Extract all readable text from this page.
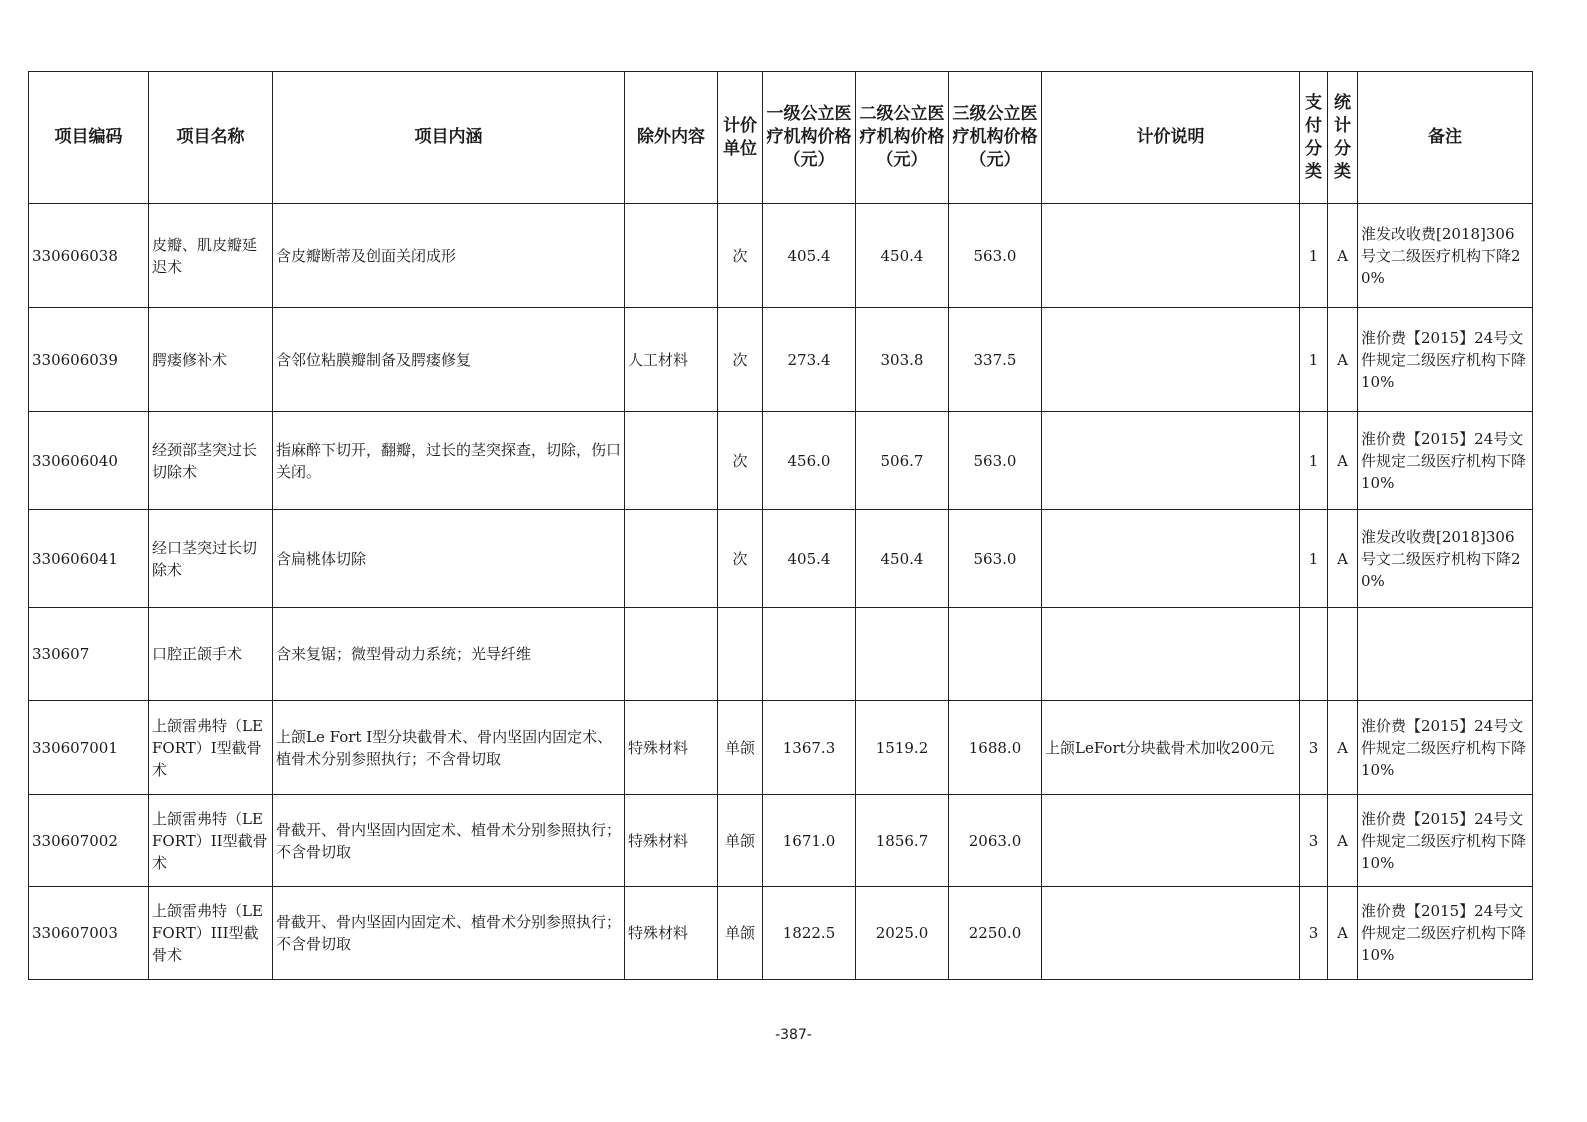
项目编码	项目名称	项目内涵	除外内容	计价单位	一级公立医疗机构价格（元）	二级公立医疗机构价格（元）	三级公立医疗机构价格（元）	计价说明	支付分类	统计分类	备注
330606038	皮瓣、肌皮瓣延迟术	含皮瓣断蒂及创面关闭成形		次	405.4	450.4	563.0		1	A	淮发改收费[2018]306号文二级医疗机构下降20%
330606039	腭瘘修补术	含邻位粘膜瓣制备及腭瘘修复	人工材料	次	273.4	303.8	337.5		1	A	淮价费【2015】24号文件规定二级医疗机构下降10%
330606040	经颈部茎突过长切除术	指麻醉下切开，翻瓣，过长的茎突探查，切除，伤口关闭。		次	456.0	506.7	563.0		1	A	淮价费【2015】24号文件规定二级医疗机构下降10%
330606041	经口茎突过长切除术	含扁桃体切除		次	405.4	450.4	563.0		1	A	淮发改收费[2018]306号文二级医疗机构下降20%
330607	口腔正颌手术	含来复锯；微型骨动力系统；光导纤维									
330607001	上颌雷弗特（LEFORT）I型截骨术	上颌Le Fort I型分块截骨术、骨内坚固内固定术、植骨术分别参照执行；不含骨切取	特殊材料	单颌	1367.3	1519.2	1688.0	上颌LeFort分块截骨术加收200元	3	A	淮价费【2015】24号文件规定二级医疗机构下降10%
330607002	上颌雷弗特（LEFORT）II型截骨术	骨截开、骨内坚固内固定术、植骨术分别参照执行；不含骨切取	特殊材料	单颌	1671.0	1856.7	2063.0		3	A	淮价费【2015】24号文件规定二级医疗机构下降10%
330607003	上颌雷弗特（LEFORT）III型截骨术	骨截开、骨内坚固内固定术、植骨术分别参照执行；不含骨切取	特殊材料	单颌	1822.5	2025.0	2250.0		3	A	淮价费【2015】24号文件规定二级医疗机构下降10%
-387-
